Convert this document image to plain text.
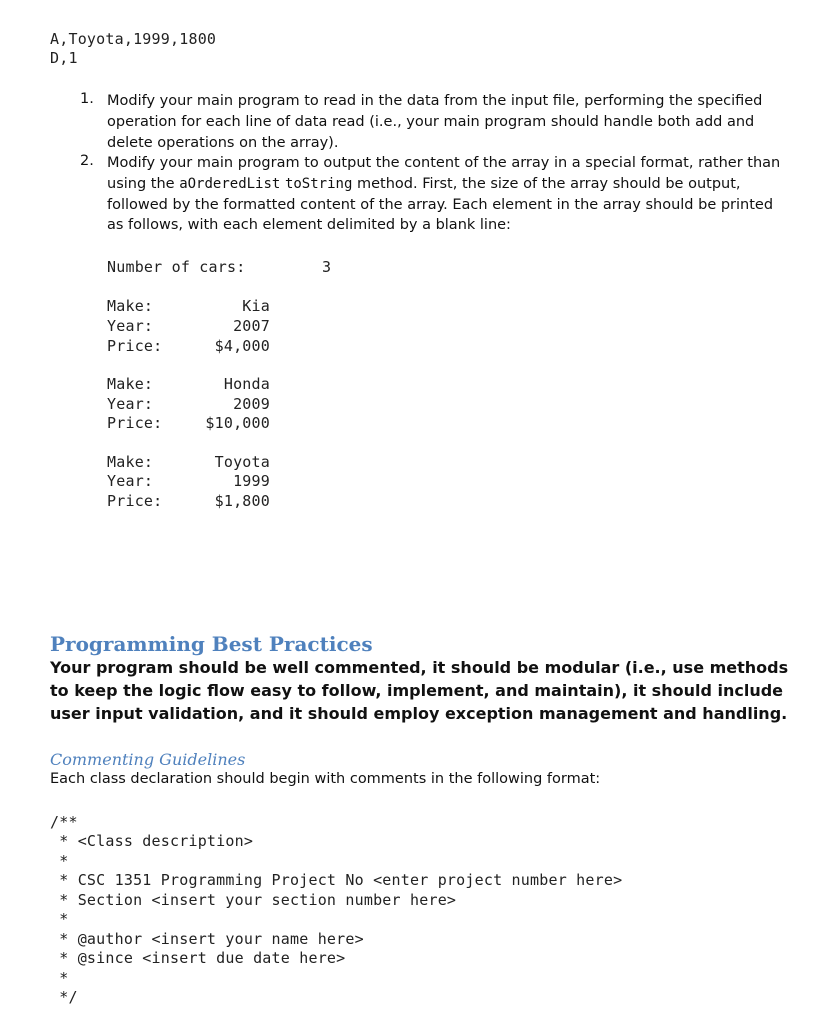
A,Toyota,1999,1800
D,1
1. Modify your main program to read in the data from the input file, performing the specified operation for each line of data read (i.e., your main program should handle both add and delete operations on the array).
2. Modify your main program to output the content of the array in a special format, rather than using the aOrderedList toString method. First, the size of the array should be output, followed by the formatted content of the array. Each element in the array should be printed as follows, with each element delimited by a blank line:
Number of cars:	3
Make:	Kia
Year:	2007
Price:	$4,000
Make:	Honda
Year:	2009
Price:	$10,000
Make:	Toyota
Year:	1999
Price:	$1,800
Programming Best Practices
Your program should be well commented, it should be modular (i.e., use methods to keep the logic flow easy to follow, implement, and maintain), it should include user input validation, and it should employ exception management and handling.
Commenting Guidelines
Each class declaration should begin with comments in the following format:
/**
* <Class description>
*
* CSC 1351 Programming Project No <enter project number here>
* Section <insert your section number here>
*
* @author <insert your name here>
* @since <insert due date here>
*
*/
